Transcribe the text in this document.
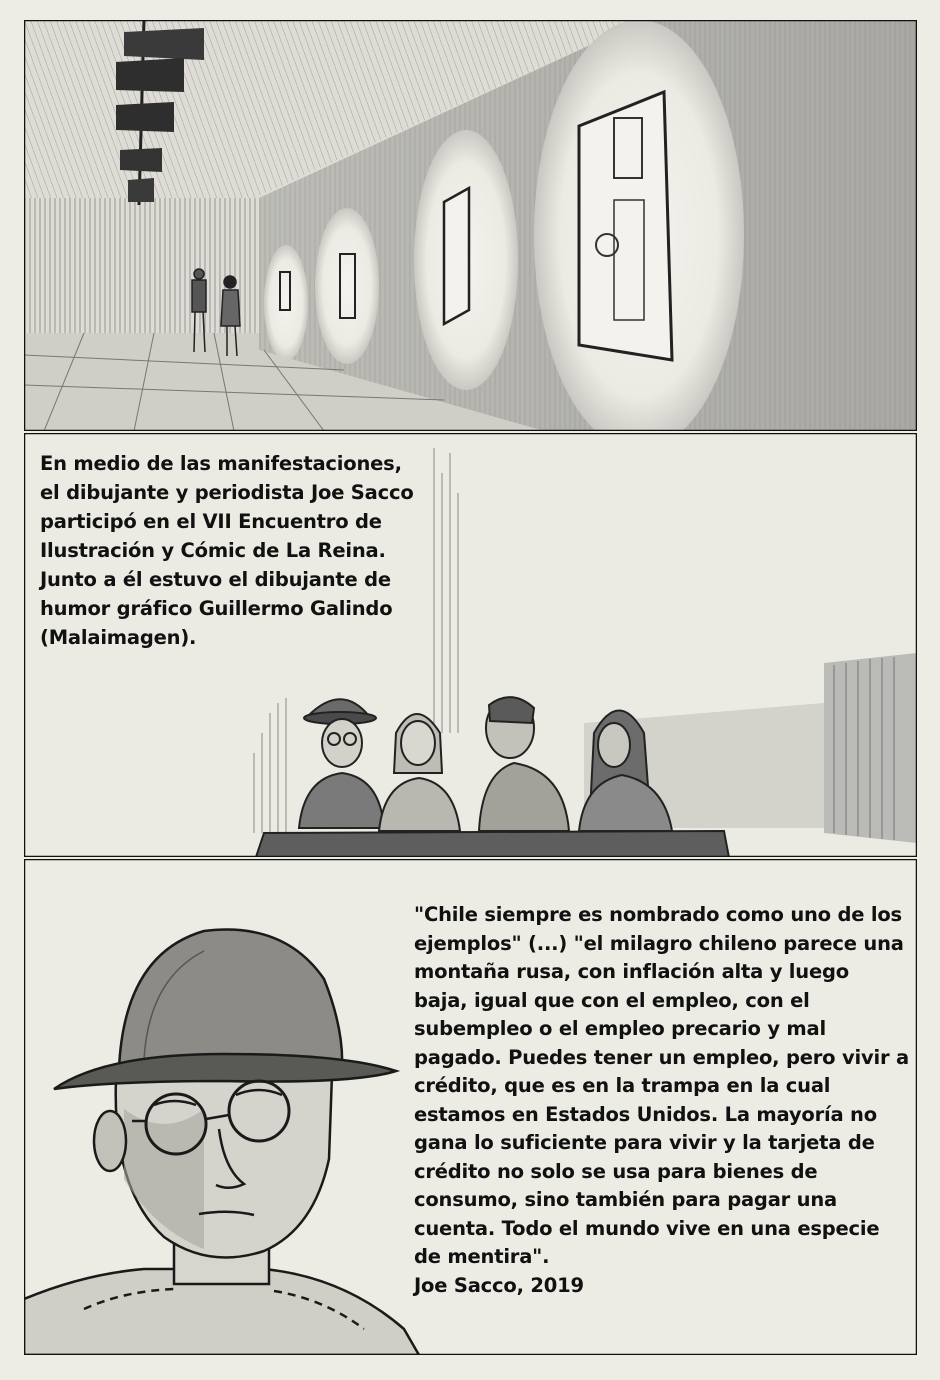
En medio de las manifestaciones,
el dibujante y periodista Joe Sacco
participó en el VII Encuentro de
Ilustración y Cómic de La Reina.
Junto a él estuvo el dibujante de
humor gráfico Guillermo Galindo
(Malaimagen).

"Chile siempre es nombrado como uno de los
ejemplos" (...) "el milagro chileno parece una
montaña rusa, con inflación alta y luego
baja, igual que con el empleo, con el
subempleo o el empleo precario y mal
pagado. Puedes tener un empleo, pero vivir a
crédito, que es en la trampa en la cual
estamos en Estados Unidos. La mayoría no
gana lo suficiente para vivir y la tarjeta de
crédito no solo se usa para bienes de
consumo, sino también para pagar una
cuenta. Todo el mundo vive en una especie
de mentira".

Joe Sacco, 2019
